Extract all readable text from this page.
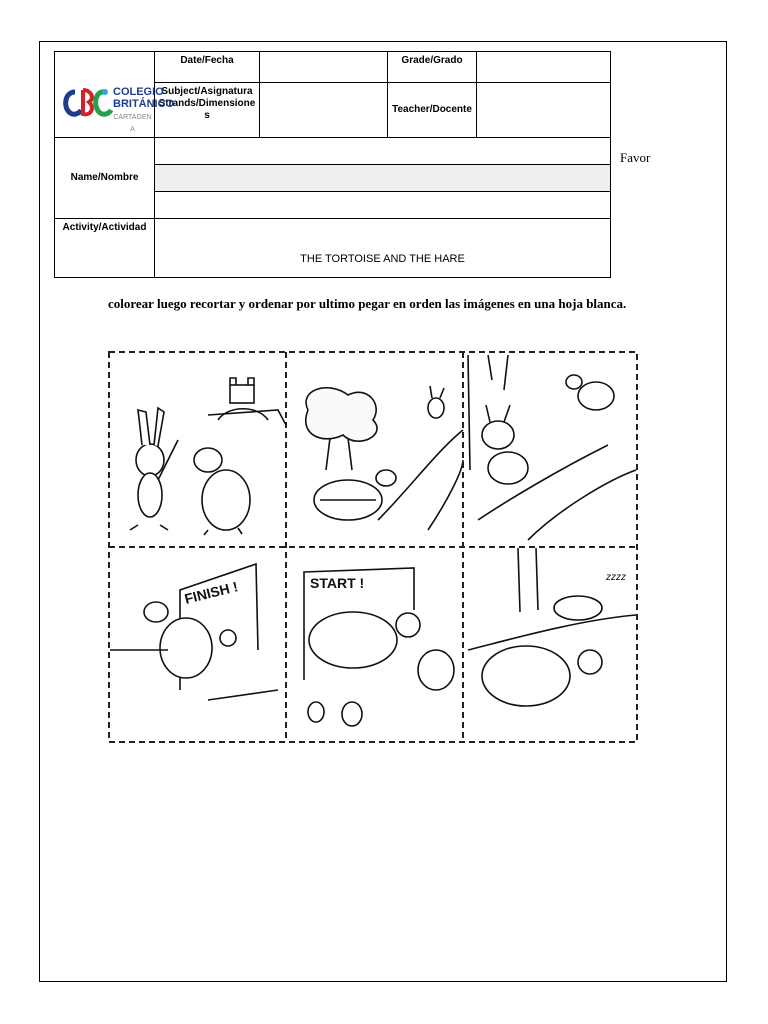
COLEGIO
BRITÁNICO
CARTAGENA	Date/Fecha		Grade/Grado	
	Subject/Asignatura Strands/Dimensiones		Teacher/Docente	
Name/Nombre				

Activity/Actividad	THE TORTOISE AND THE HARE			
Favor
colorear luego recortar y ordenar por ultimo pegar en orden las imágenes en una hoja blanca.
FINISH !	START !	zzzz
